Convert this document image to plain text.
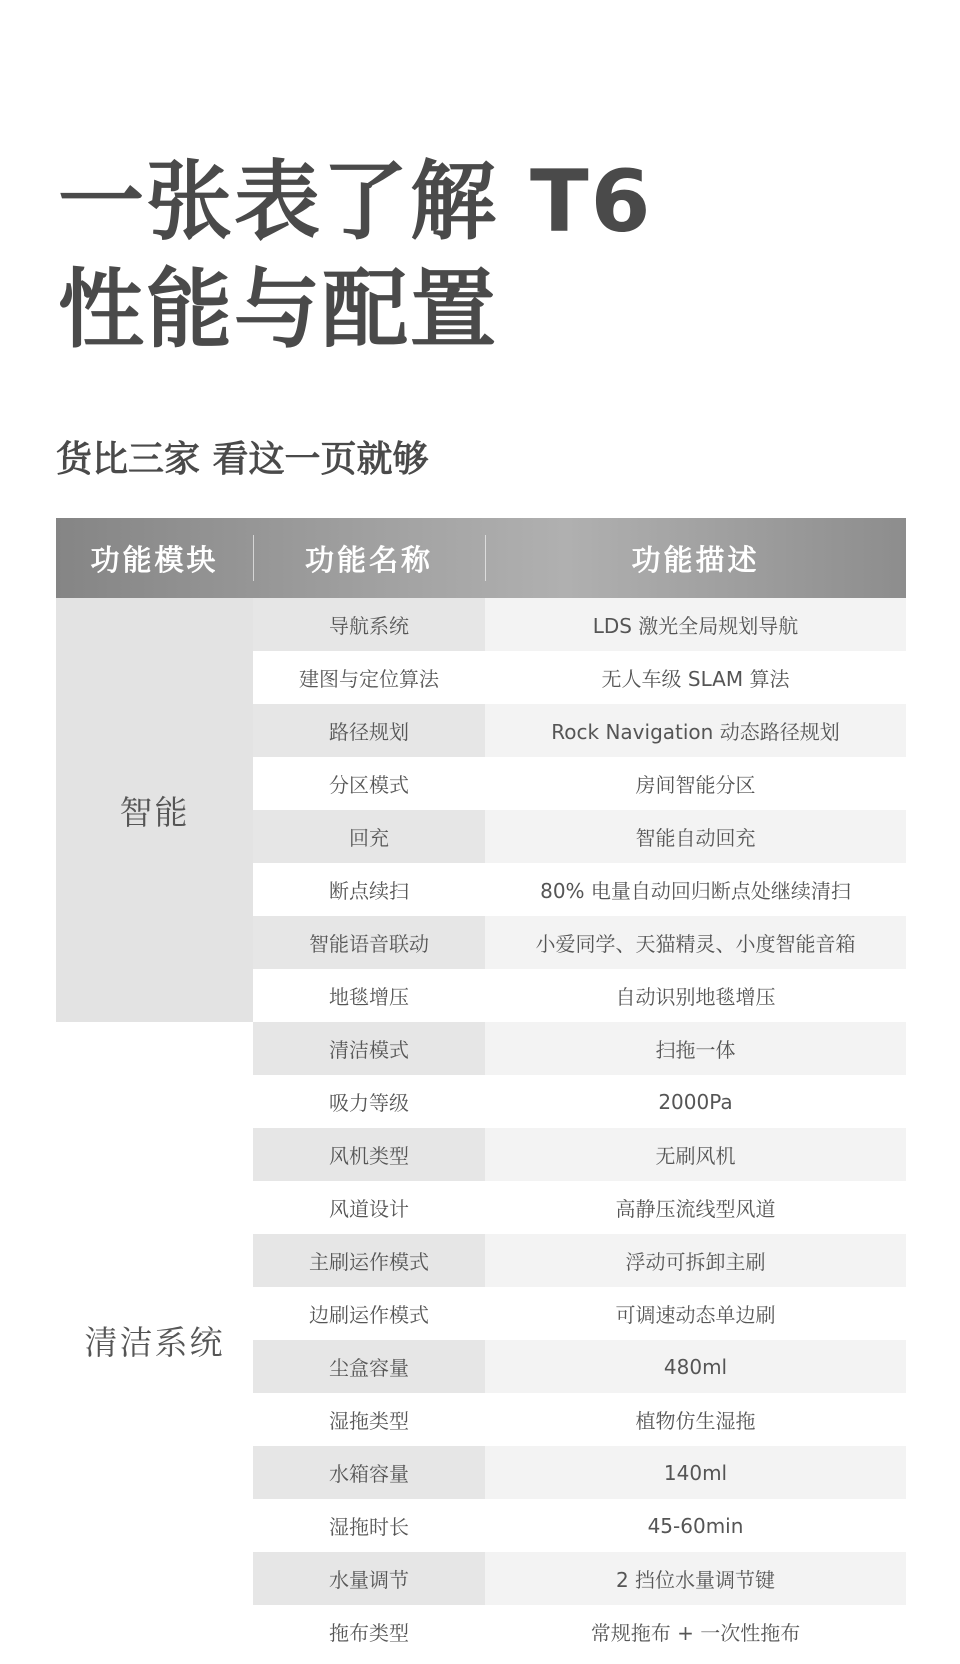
一张表了解 T6
性能与配置
货比三家 看这一页就够
功能模块	功能名称	功能描述
智能
导航系统	LDS 激光全局规划导航
建图与定位算法	无人车级 SLAM 算法
路径规划	Rock Navigation 动态路径规划
分区模式	房间智能分区
回充	智能自动回充
断点续扫	80% 电量自动回归断点处继续清扫
智能语音联动	小爱同学、天猫精灵、小度智能音箱
地毯增压	自动识别地毯增压
清洁系统
清洁模式	扫拖一体
吸力等级	2000Pa
风机类型	无刷风机
风道设计	高静压流线型风道
主刷运作模式	浮动可拆卸主刷
边刷运作模式	可调速动态单边刷
尘盒容量	480ml
湿拖类型	植物仿生湿拖
水箱容量	140ml
湿拖时长	45-60min
水量调节	2 挡位水量调节键
拖布类型	常规拖布 + 一次性拖布
